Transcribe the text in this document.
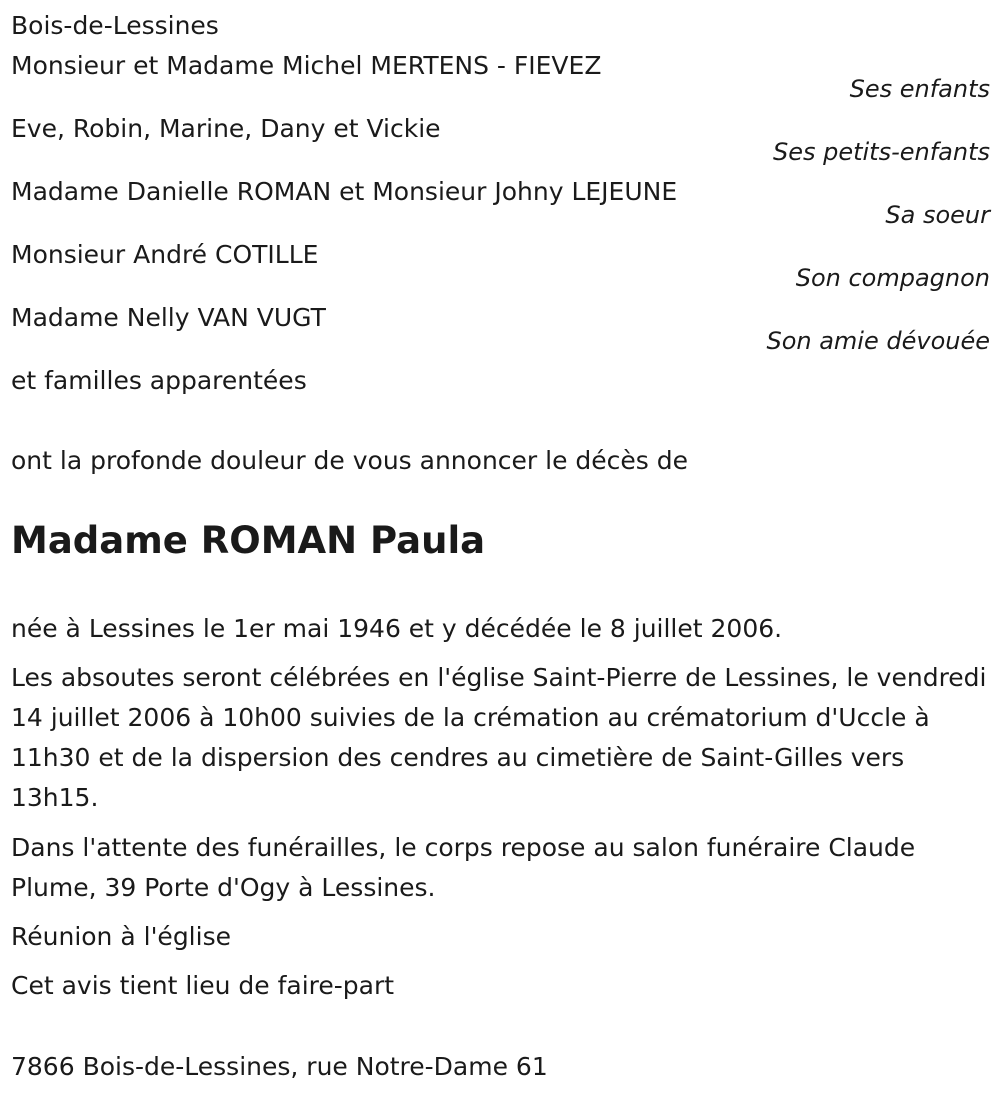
Bois-de-Lessines
Monsieur et Madame Michel MERTENS - FIEVEZ
Ses enfants
Eve, Robin, Marine, Dany et Vickie
Ses petits-enfants
Madame Danielle ROMAN et Monsieur Johny LEJEUNE
Sa soeur
Monsieur André COTILLE
Son compagnon
Madame Nelly VAN VUGT
Son amie dévouée
et familles apparentées
ont la profonde douleur de vous annoncer le décès de
Madame ROMAN Paula
née à Lessines le 1er mai 1946 et y décédée le 8 juillet 2006.
Les absoutes seront célébrées en l'église Saint-Pierre de Lessines, le vendredi 14 juillet 2006 à 10h00 suivies de la crémation au crématorium d'Uccle à 11h30 et de la dispersion des cendres au cimetière de Saint-Gilles vers 13h15.
Dans l'attente des funérailles, le corps repose au salon funéraire Claude Plume, 39 Porte d'Ogy à Lessines.
Réunion à l'église
Cet avis tient lieu de faire-part
7866 Bois-de-Lessines, rue Notre-Dame 61
